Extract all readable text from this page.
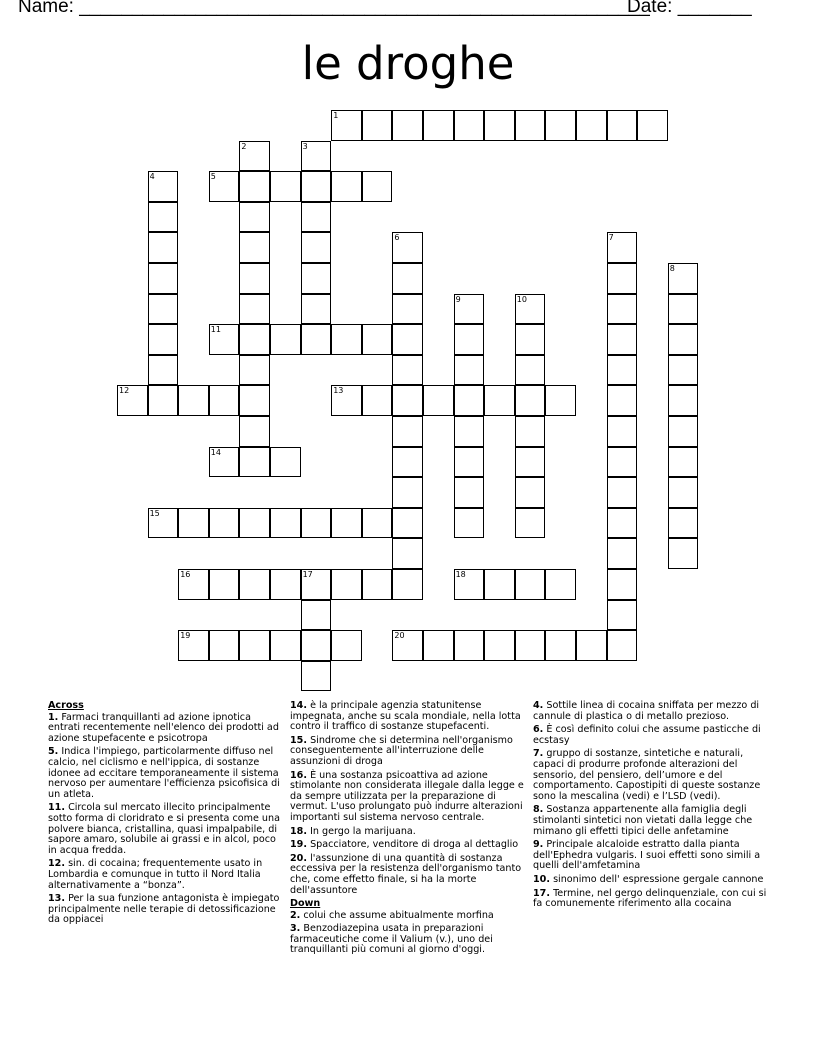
Name: ______________________________________________________
Date: _______
le droghe
1
5
11
12	13
14
15
16	17	18
19	20
2	3
4
6	7
8
9	10
Across
1. Farmaci tranquillanti ad azione ipnotica entrati recentemente nell'elenco dei prodotti ad azione stupefacente e psicotropa
5. Indica l'impiego, particolarmente diffuso nel calcio, nel ciclismo e nell'ippica, di sostanze idonee ad eccitare temporaneamente il sistema nervoso per aumentare l'efficienza psicofisica di un atleta.
11. Circola sul mercato illecito principalmente sotto forma di cloridrato e si presenta come una polvere bianca, cristallina, quasi impalpabile, di sapore amaro, solubile ai grassi e in alcol, poco in acqua fredda.
12. sin. di cocaina; frequentemente usato in Lombardia e comunque in tutto il Nord Italia alternativamente a “bonza”.
13. Per la sua funzione antagonista è impiegato principalmente nelle terapie di detossificazione da oppiacei
14. è la principale agenzia statunitense impegnata, anche su scala mondiale, nella lotta contro il traffico di sostanze stupefacenti.
15. Sindrome che si determina nell'organismo conseguentemente all'interruzione delle assunzioni di droga
16. È una sostanza psicoattiva ad azione stimolante non considerata illegale dalla legge e da sempre utilizzata per la preparazione di vermut. L'uso prolungato può indurre alterazioni importanti sul sistema nervoso centrale.
18. In gergo la marijuana.
19. Spacciatore, venditore di droga al dettaglio
20. l'assunzione di una quantità di sostanza eccessiva per la resistenza dell'organismo tanto che, come effetto finale, si ha la morte dell'assuntore
Down
2. colui che assume abitualmente morfina
3. Benzodiazepina usata in preparazioni farmaceutiche come il Valium (v.), uno dei tranquillanti più comuni al giorno d'oggi.
4. Sottile linea di cocaina sniffata per mezzo di cannule di plastica o di metallo prezioso.
6. È così definito colui che assume pasticche di ecstasy
7. gruppo di sostanze, sintetiche e naturali, capaci di produrre profonde alterazioni del sensorio, del pensiero, dell’umore e del comportamento. Capostipiti di queste sostanze sono la mescalina (vedi) e l’LSD (vedi).
8. Sostanza appartenente alla famiglia degli stimolanti sintetici non vietati dalla legge che mimano gli effetti tipici delle anfetamine
9. Principale alcaloide estratto dalla pianta dell'Ephedra vulgaris. I suoi effetti sono simili a quelli dell'amfetamina
10. sinonimo dell' espressione gergale cannone
17. Termine, nel gergo delinquenziale, con cui si fa comunemente riferimento alla cocaina
